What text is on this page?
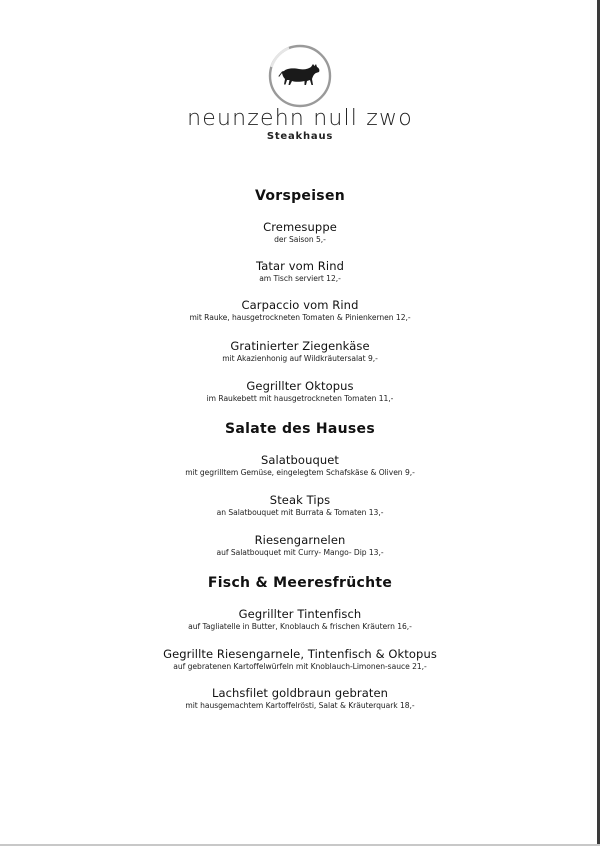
neunzehn null zwo
Steakhaus
Vorspeisen
Cremesuppe
der Saison 5,-
Tatar vom Rind
am Tisch serviert 12,-
Carpaccio vom Rind
mit Rauke, hausgetrockneten Tomaten & Pinienkernen 12,-
Gratinierter Ziegenkäse
mit Akazienhonig auf Wildkräutersalat 9,-
Gegrillter Oktopus
im Raukebett mit hausgetrockneten Tomaten 11,-
Salate des Hauses
Salatbouquet
mit gegrilltem Gemüse, eingelegtem Schafskäse & Oliven 9,-
Steak Tips
an Salatbouquet mit Burrata & Tomaten 13,-
Riesengarnelen
auf Salatbouquet mit Curry- Mango- Dip 13,-
Fisch & Meeresfrüchte
Gegrillter Tintenfisch
auf Tagliatelle in Butter, Knoblauch & frischen Kräutern 16,-
Gegrillte Riesengarnele, Tintenfisch & Oktopus
auf gebratenen Kartoffelwürfeln mit Knoblauch-Limonen-sauce 21,-
Lachsfilet goldbraun gebraten
mit hausgemachtem Kartoffelrösti, Salat & Kräuterquark 18,-
